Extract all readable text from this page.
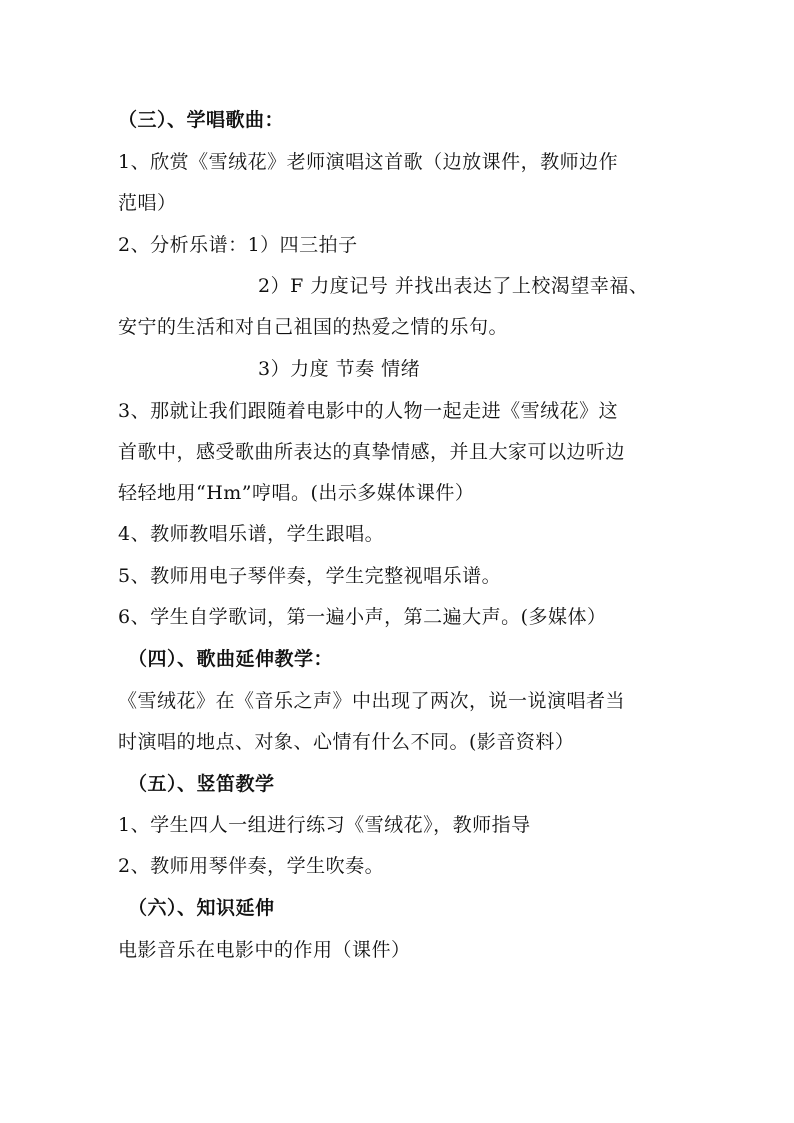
（三）、学唱歌曲：
1、欣赏《雪绒花》老师演唱这首歌（边放课件，教师边作
范唱）
2、分析乐谱：1）四三拍子
2）F 力度记号 并找出表达了上校渴望幸福、
安宁的生活和对自己祖国的热爱之情的乐句。
3）力度 节奏 情绪
3、那就让我们跟随着电影中的人物一起走进《雪绒花》这
首歌中，感受歌曲所表达的真挚情感，并且大家可以边听边
轻轻地用“Hm”哼唱。(出示多媒体课件）
4、教师教唱乐谱，学生跟唱。
5、教师用电子琴伴奏，学生完整视唱乐谱。
6、学生自学歌词，第一遍小声，第二遍大声。(多媒体）
（四）、歌曲延伸教学：
《雪绒花》在《音乐之声》中出现了两次，说一说演唱者当
时演唱的地点、对象、心情有什么不同。(影音资料）
（五）、竖笛教学
1、学生四人一组进行练习《雪绒花》，教师指导
2、教师用琴伴奏，学生吹奏。
（六）、知识延伸
电影音乐在电影中的作用（课件）
